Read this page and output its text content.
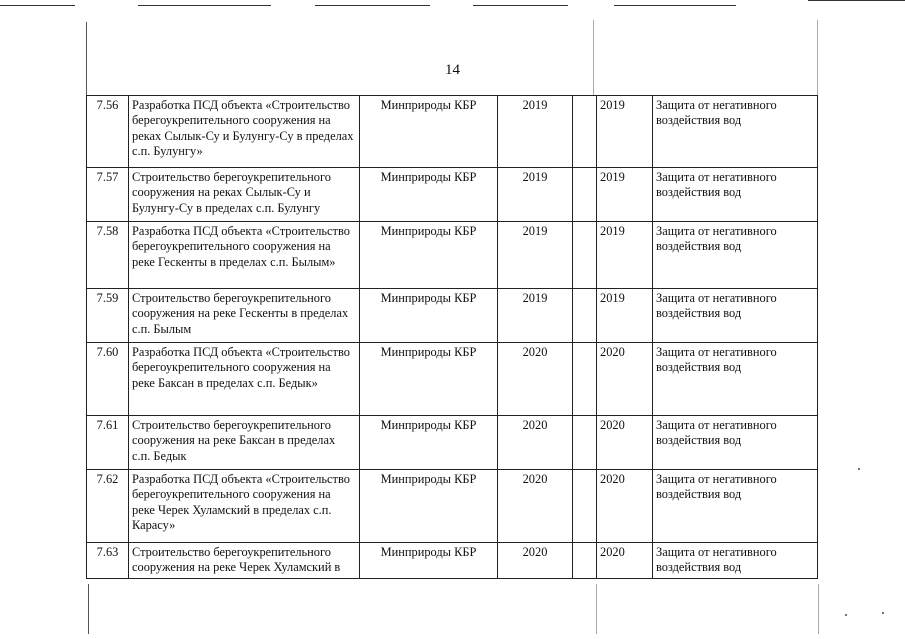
14
7.56	Разработка ПСД объекта «Строительство берегоукрепительного сооружения на реках Сылык-Су и Булунгу-Су в пределах с.п. Булунгу»	Минприроды КБР	2019		2019	Защита от негативного воздействия вод
7.57	Строительство берегоукрепительного сооружения на реках Сылык-Су и Булунгу-Су в пределах с.п. Булунгу	Минприроды КБР	2019		2019	Защита от негативного воздействия вод
7.58	Разработка ПСД объекта «Строительство берегоукрепительного сооружения на реке Гескенты в пределах с.п. Былым»	Минприроды КБР	2019		2019	Защита от негативного воздействия вод
7.59	Строительство берегоукрепительного сооружения на реке Гескенты в пределах с.п. Былым	Минприроды КБР	2019		2019	Защита от негативного воздействия вод
7.60	Разработка ПСД объекта «Строительство берегоукрепительного сооружения на реке Баксан в пределах с.п. Бедык»	Минприроды КБР	2020		2020	Защита от негативного воздействия вод
7.61	Строительство берегоукрепительного сооружения на реке Баксан в пределах с.п. Бедык	Минприроды КБР	2020		2020	Защита от негативного воздействия вод
7.62	Разработка ПСД объекта «Строительство берегоукрепительного сооружения на реке Черек Хуламский в пределах с.п. Карасу»	Минприроды КБР	2020		2020	Защита от негативного воздействия вод
7.63	Строительство берегоукрепительного сооружения на реке Черек Хуламский в	Минприроды КБР	2020		2020	Защита от негативного воздействия вод
